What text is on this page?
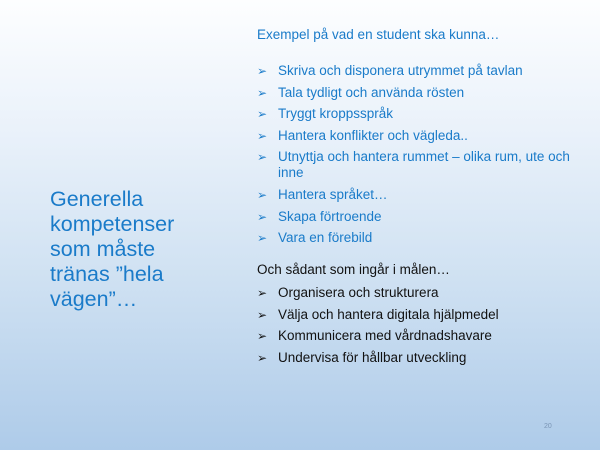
Generella
kompetenser
som måste
tränas ”hela
vägen”…
Exempel på vad en student ska kunna…
➢ Skriva och disponera utrymmet på tavlan
➢ Tala tydligt och använda rösten
➢ Tryggt kroppsspråk
➢ Hantera konflikter och vägleda..
➢ Utnyttja och hantera rummet – olika rum, ute och inne
➢ Hantera språket…
➢ Skapa förtroende
➢ Vara en förebild
Och sådant som ingår i målen…
➢ Organisera och strukturera
➢ Välja och hantera digitala hjälpmedel
➢ Kommunicera med vårdnadshavare
➢ Undervisa för hållbar utveckling
20
